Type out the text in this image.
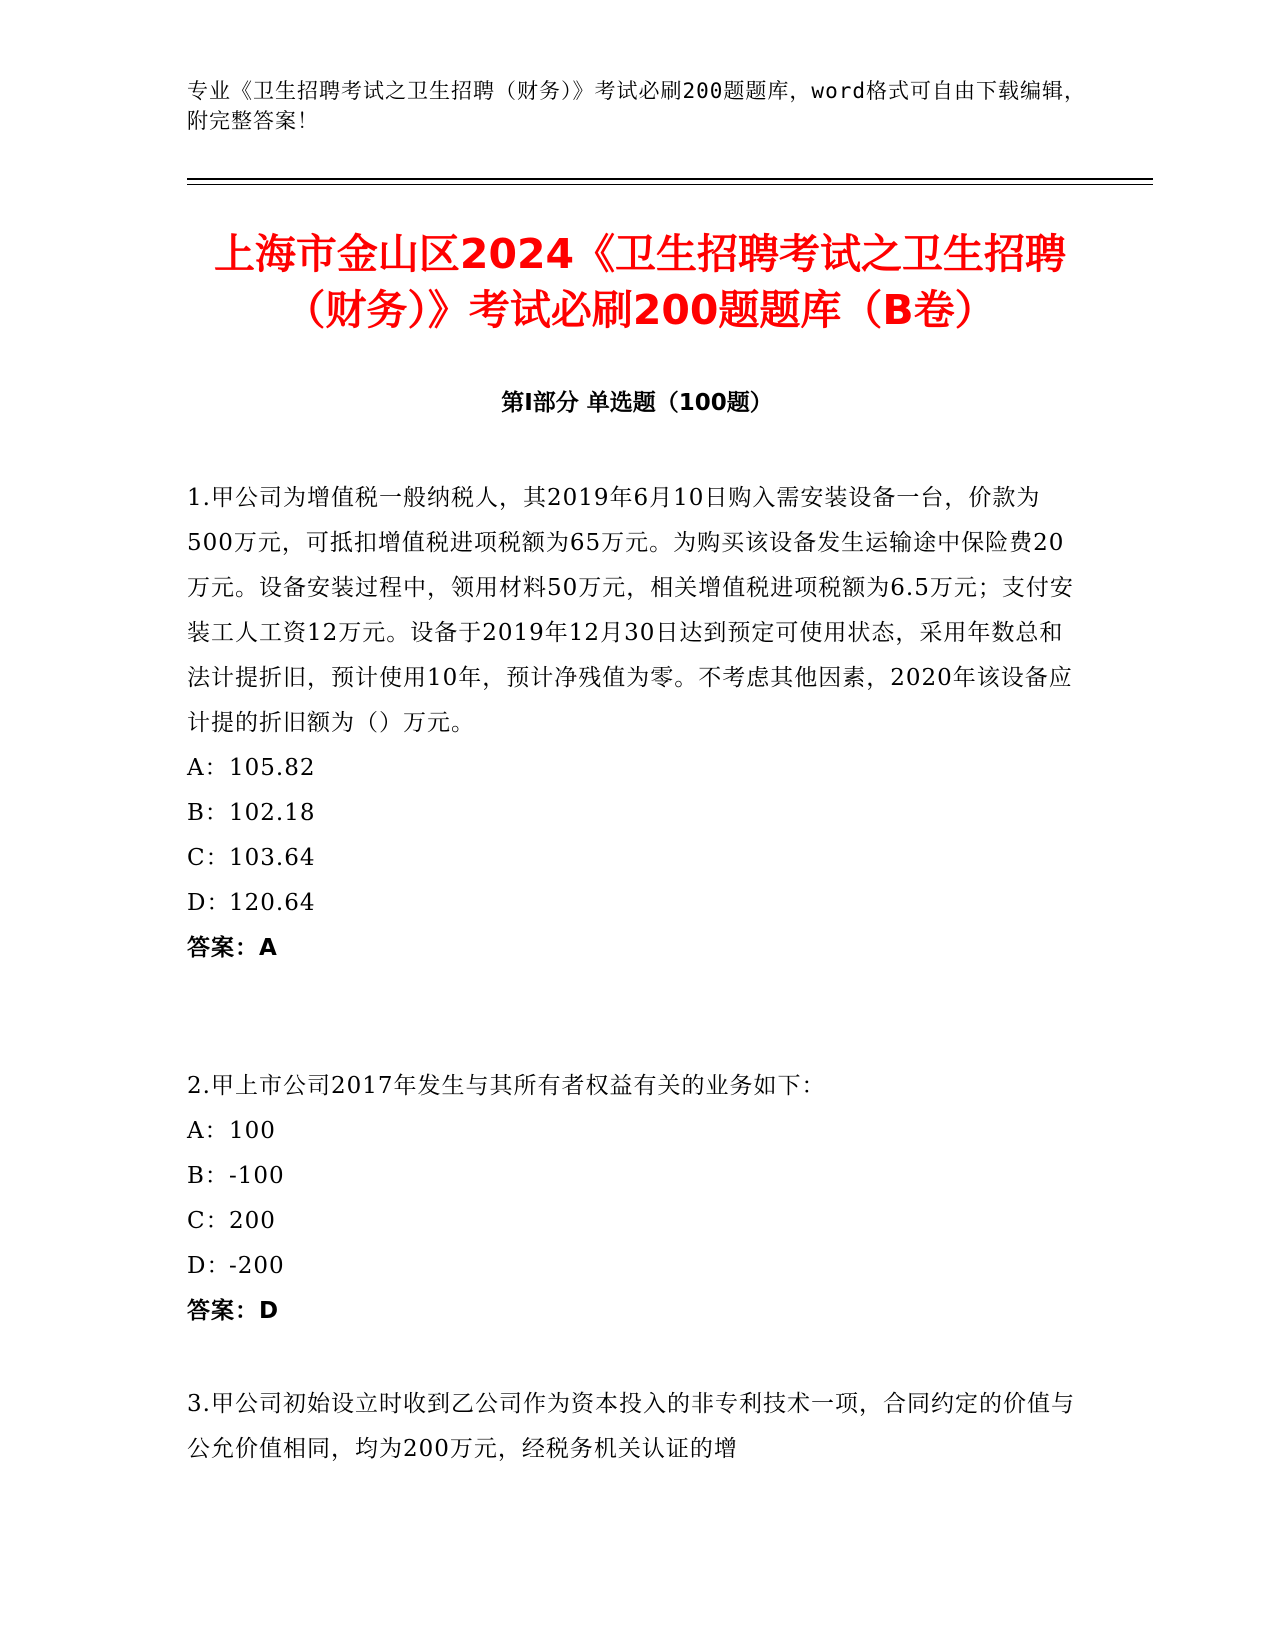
专业《卫生招聘考试之卫生招聘（财务）》考试必刷200题题库，word格式可自由下载编辑，附完整答案！
上海市金山区2024《卫生招聘考试之卫生招聘（财务）》考试必刷200题题库（B卷）
第Ⅰ部分 单选题（100题）

1.甲公司为增值税一般纳税人，其2019年6月10日购入需安装设备一台，价款为500万元，可抵扣增值税进项税额为65万元。为购买该设备发生运输途中保险费20万元。设备安装过程中，领用材料50万元，相关增值税进项税额为6.5万元；支付安装工人工资12万元。设备于2019年12月30日达到预定可使用状态，采用年数总和法计提折旧，预计使用10年，预计净残值为零。不考虑其他因素，2020年该设备应计提的折旧额为（）万元。

A： 105.82

B： 102.18

C： 103.64

D：
120.64

答案：A

2.甲上市公司2017年发生与其所有者权益有关的业务如下：

A： 100

B： -100

C： 200

D：
-200

答案：D

3.甲公司初始设立时收到乙公司作为资本投入的非专利技术一项，合同约定的价值与公允价值相同，均为200万元，经税务机关认证的增
